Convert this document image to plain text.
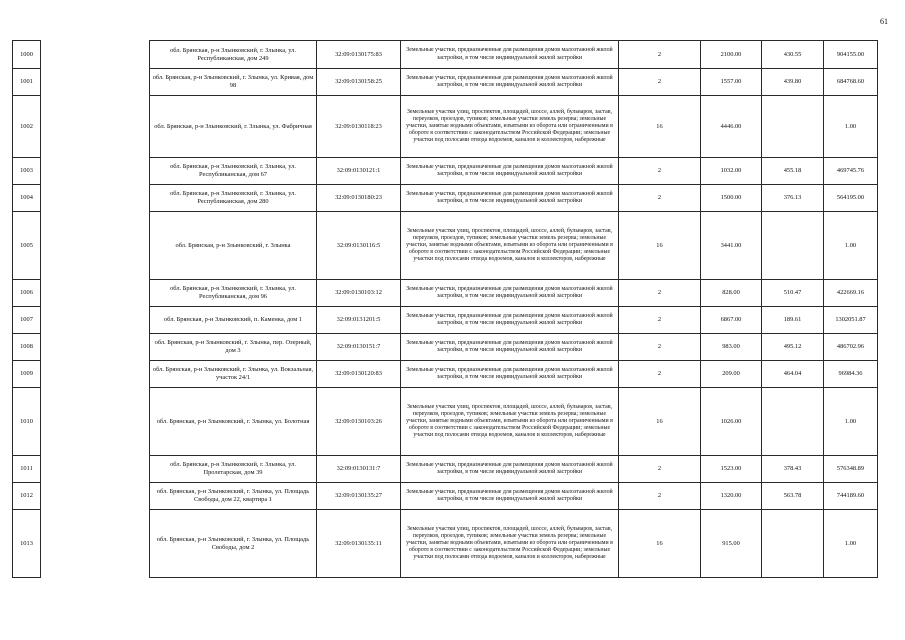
61
1000		обл. Брянская, р-н Злынковский, г. Злынка, ул. Республиканская, дом 249	32:09:0130175:83	Земельные участки, предназначенные для размещения домов малоэтажной жилой застройки, в том числе индивидуальной жилой застройки	2	2100.00	430.55	904155.00
1001		обл. Брянская, р-н Злынковский, г. Злынка, ул. Кривая, дом 98	32:09:0130158:25	Земельные участки, предназначенные для размещения домов малоэтажной жилой застройки, в том числе индивидуальной жилой застройки	2	1557.00	439.80	684768.60
1002		обл. Брянская, р-н Злынковский, г. Злынка, ул. Фабричная	32:09:0130118:23	Земельные участки улиц, проспектов, площадей, шоссе, аллей, бульваров, застав, переулков, проездов, тупиков; земельные участки земель резерва; земельные участки, занятые водными объектами, изъятыми из оборота или ограниченными в обороте в соответствии с законодательством Российской Федерации; земельные участки под полосами отвода водоемов, каналов и коллекторов, набережные	16	4446.00		1.00
1003		обл. Брянская, р-н Злынковский, г. Злынка, ул. Республиканская, дом 67	32:09:0130121:1	Земельные участки, предназначенные для размещения домов малоэтажной жилой застройки, в том числе индивидуальной жилой застройки	2	1032.00	455.18	469745.76
1004		обл. Брянская, р-н Злынковский, г. Злынка, ул. Республиканская, дом 280	32:09:0130180:23	Земельные участки, предназначенные для размещения домов малоэтажной жилой застройки, в том числе индивидуальной жилой застройки	2	1500.00	376.13	564195.00
1005		обл. Брянская, р-н Злынковский, г. Злынка	32:09:0130116:5	Земельные участки улиц, проспектов, площадей, шоссе, аллей, бульваров, застав, переулков, проездов, тупиков; земельные участки земель резерва; земельные участки, занятые водными объектами, изъятыми из оборота или ограниченными в обороте в соответствии с законодательством Российской Федерации; земельные участки под полосами отвода водоемов, каналов и коллекторов, набережные	16	3441.00		1.00
1006		обл. Брянская, р-н Злынковский, г. Злынка, ул. Республиканская, дом 96	32:09:0130103:12	Земельные участки, предназначенные для размещения домов малоэтажной жилой застройки, в том числе индивидуальной жилой застройки	2	828.00	510.47	422669.16
1007		обл. Брянская, р-н Злынковский, п. Каменка, дом 1	32:09:0131201:5	Земельные участки, предназначенные для размещения домов малоэтажной жилой застройки, в том числе индивидуальной жилой застройки	2	6867.00	189.61	1302051.87
1008		обл. Брянская, р-н Злынковский, г. Злынка, пер. Озерный, дом 3	32:09:0130151:7	Земельные участки, предназначенные для размещения домов малоэтажной жилой застройки, в том числе индивидуальной жилой застройки	2	983.00	495.12	486702.96
1009		обл. Брянская, р-н Злынковский, г. Злынка, ул. Вокзальная, участок 24/1	32:09:0130120:83	Земельные участки, предназначенные для размещения домов малоэтажной жилой застройки, в том числе индивидуальной жилой застройки	2	209.00	464.04	96984.36
1010		обл. Брянская, р-н Злынковский, г. Злынка, ул. Болотная	32:09:0130103:26	Земельные участки улиц, проспектов, площадей, шоссе, аллей, бульваров, застав, переулков, проездов, тупиков; земельные участки земель резерва; земельные участки, занятые водными объектами, изъятыми из оборота или ограниченными в обороте в соответствии с законодательством Российской Федерации; земельные участки под полосами отвода водоемов, каналов и коллекторов, набережные	16	1026.00		1.00
1011		обл. Брянская, р-н Злынковский, г. Злынка, ул. Пролетарская, дом 39	32:09:0130131:7	Земельные участки, предназначенные для размещения домов малоэтажной жилой застройки, в том числе индивидуальной жилой застройки	2	1523.00	378.43	576348.89
1012		обл. Брянская, р-н Злынковский, г. Злынка, ул. Площадь Свободы, дом 22, квартира 1	32:09:0130135:27	Земельные участки, предназначенные для размещения домов малоэтажной жилой застройки, в том числе индивидуальной жилой застройки	2	1320.00	563.78	744189.60
1013		обл. Брянская, р-н Злынковский, г. Злынка, ул. Площадь Свободы, дом 2	32:09:0130135:11	Земельные участки улиц, проспектов, площадей, шоссе, аллей, бульваров, застав, переулков, проездов, тупиков; земельные участки земель резерва; земельные участки, занятые водными объектами, изъятыми из оборота или ограниченными в обороте в соответствии с законодательством Российской Федерации; земельные участки под полосами отвода водоемов, каналов и коллекторов, набережные	16	915.00		1.00
